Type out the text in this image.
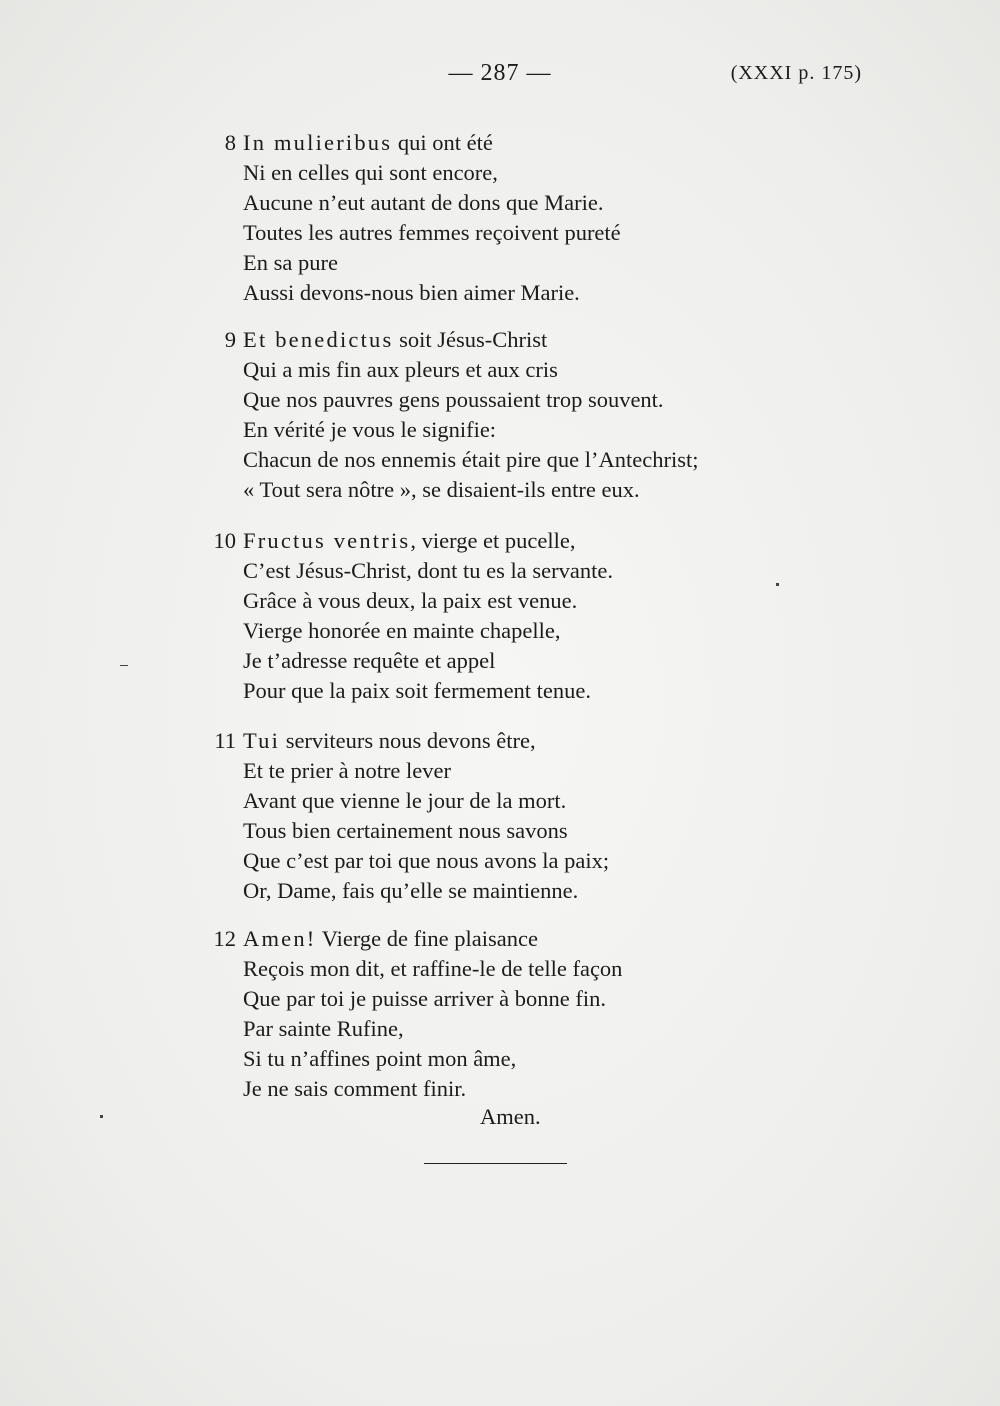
— 287 —	(XXXI p. 175)
8 In mulieribus qui ont été
Ni en celles qui sont encore,
Aucune n’eut autant de dons que Marie.
Toutes les autres femmes reçoivent pureté
En sa pure
Aussi devons-nous bien aimer Marie.
9 Et benedictus soit Jésus-Christ
Qui a mis fin aux pleurs et aux cris
Que nos pauvres gens poussaient trop souvent.
En vérité je vous le signifie:
Chacun de nos ennemis était pire que l’Antechrist;
« Tout sera nôtre », se disaient-ils entre eux.
10 Fructus ventris, vierge et pucelle,
C’est Jésus-Christ, dont tu es la servante.
Grâce à vous deux, la paix est venue.
Vierge honorée en mainte chapelle,
Je t’adresse requête et appel
Pour que la paix soit fermement tenue.
11 Tui serviteurs nous devons être,
Et te prier à notre lever
Avant que vienne le jour de la mort.
Tous bien certainement nous savons
Que c’est par toi que nous avons la paix;
Or, Dame, fais qu’elle se maintienne.
12 Amen! Vierge de fine plaisance
Reçois mon dit, et raffine-le de telle façon
Que par toi je puisse arriver à bonne fin.
Par sainte Rufine,
Si tu n’affines point mon âme,
Je ne sais comment finir.
Amen.
